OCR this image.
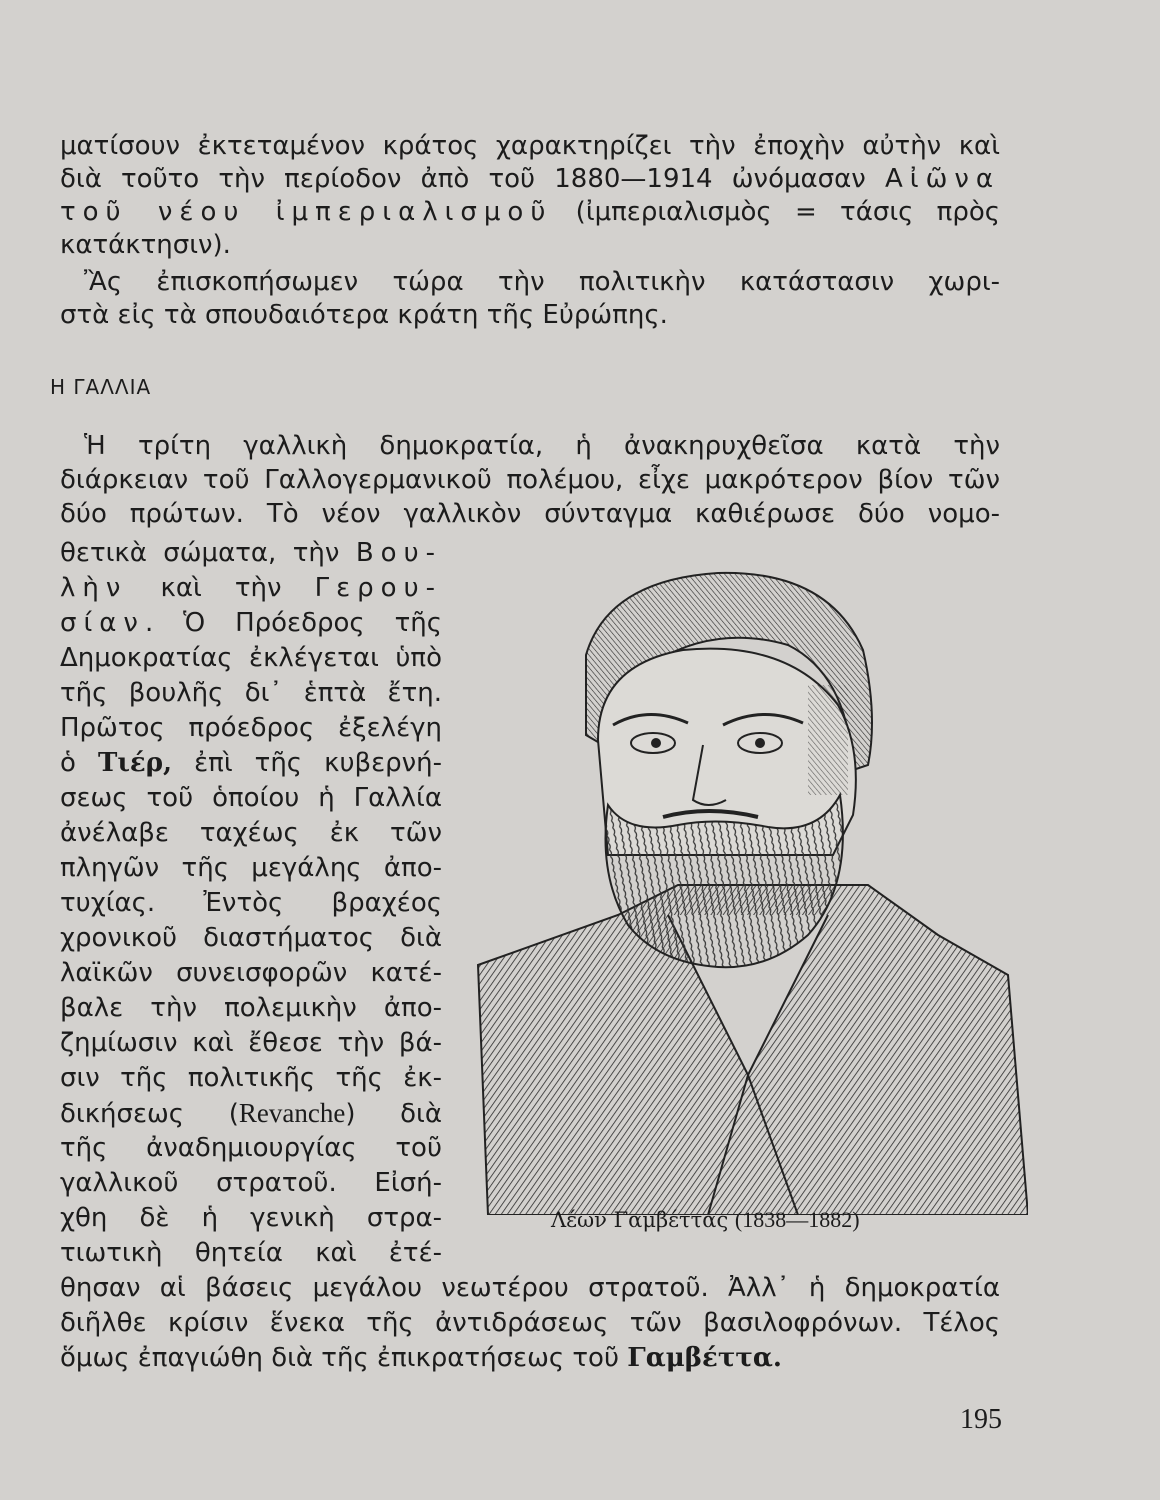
ματίσουν ἐκτεταμένον κράτος χαρακτηρίζει τὴν ἐποχὴν αὐτὴν καὶ
διὰ τοῦτο τὴν περίοδον ἀπὸ τοῦ 1880—1914 ὠνόμασαν Αἰῶνα
τοῦ νέου ἰμπεριαλισμοῦ (ἰμπεριαλισμὸς = τάσις πρὸς
κατάκτησιν).
Ἂς ἐπισκοπήσωμεν τώρα τὴν πολιτικὴν κατάστασιν χωρι-
στὰ εἰς τὰ σπουδαιότερα κράτη τῆς Εὐρώπης.
Η ΓΑΛΛΙΑ
Ἡ τρίτη γαλλικὴ δημοκρατία, ἡ ἀνακηρυχθεῖσα κατὰ τὴν
διάρκειαν τοῦ Γαλλογερμανικοῦ πολέμου, εἶχε μακρότερον βίον τῶν
δύο πρώτων. Τὸ νέον γαλλικὸν σύνταγμα καθιέρωσε δύο νομο-
θετικὰ σώματα, τὴν Βου-
λὴν καὶ τὴν Γερου-
σίαν. Ὁ Πρόεδρος τῆς
Δημοκρατίας ἐκλέγεται ὑπὸ
τῆς βουλῆς δι᾽ ἑπτὰ ἔτη.
Πρῶτος πρόεδρος ἐξελέγη
ὁ Τιέρ, ἐπὶ τῆς κυβερνή-
σεως τοῦ ὁποίου ἡ Γαλλία
ἀνέλαβε ταχέως ἐκ τῶν
πληγῶν τῆς μεγάλης ἀπο-
τυχίας. Ἐντὸς βραχέος
χρονικοῦ διαστήματος διὰ
λαϊκῶν συνεισφορῶν κατέ-
βαλε τὴν πολεμικὴν ἀπο-
ζημίωσιν καὶ ἔθεσε τὴν βά-
σιν τῆς πολιτικῆς τῆς ἐκ-
δικήσεως (Revanche) διὰ
τῆς ἀναδημιουργίας τοῦ
γαλλικοῦ στρατοῦ. Εἰσή-
χθη δὲ ἡ γενικὴ στρα-
τιωτικὴ θητεία καὶ ἐτέ-
θησαν αἱ βάσεις μεγάλου νεωτέρου στρατοῦ. Ἀλλ᾽ ἡ δημοκρατία
διῆλθε κρίσιν ἕνεκα τῆς ἀντιδράσεως τῶν βασιλοφρόνων. Τέλος
ὅμως ἐπαγιώθη διὰ τῆς ἐπικρατήσεως τοῦ Γαμβέττα.
Λέων Γαμβέττας (1838—1882)
195
